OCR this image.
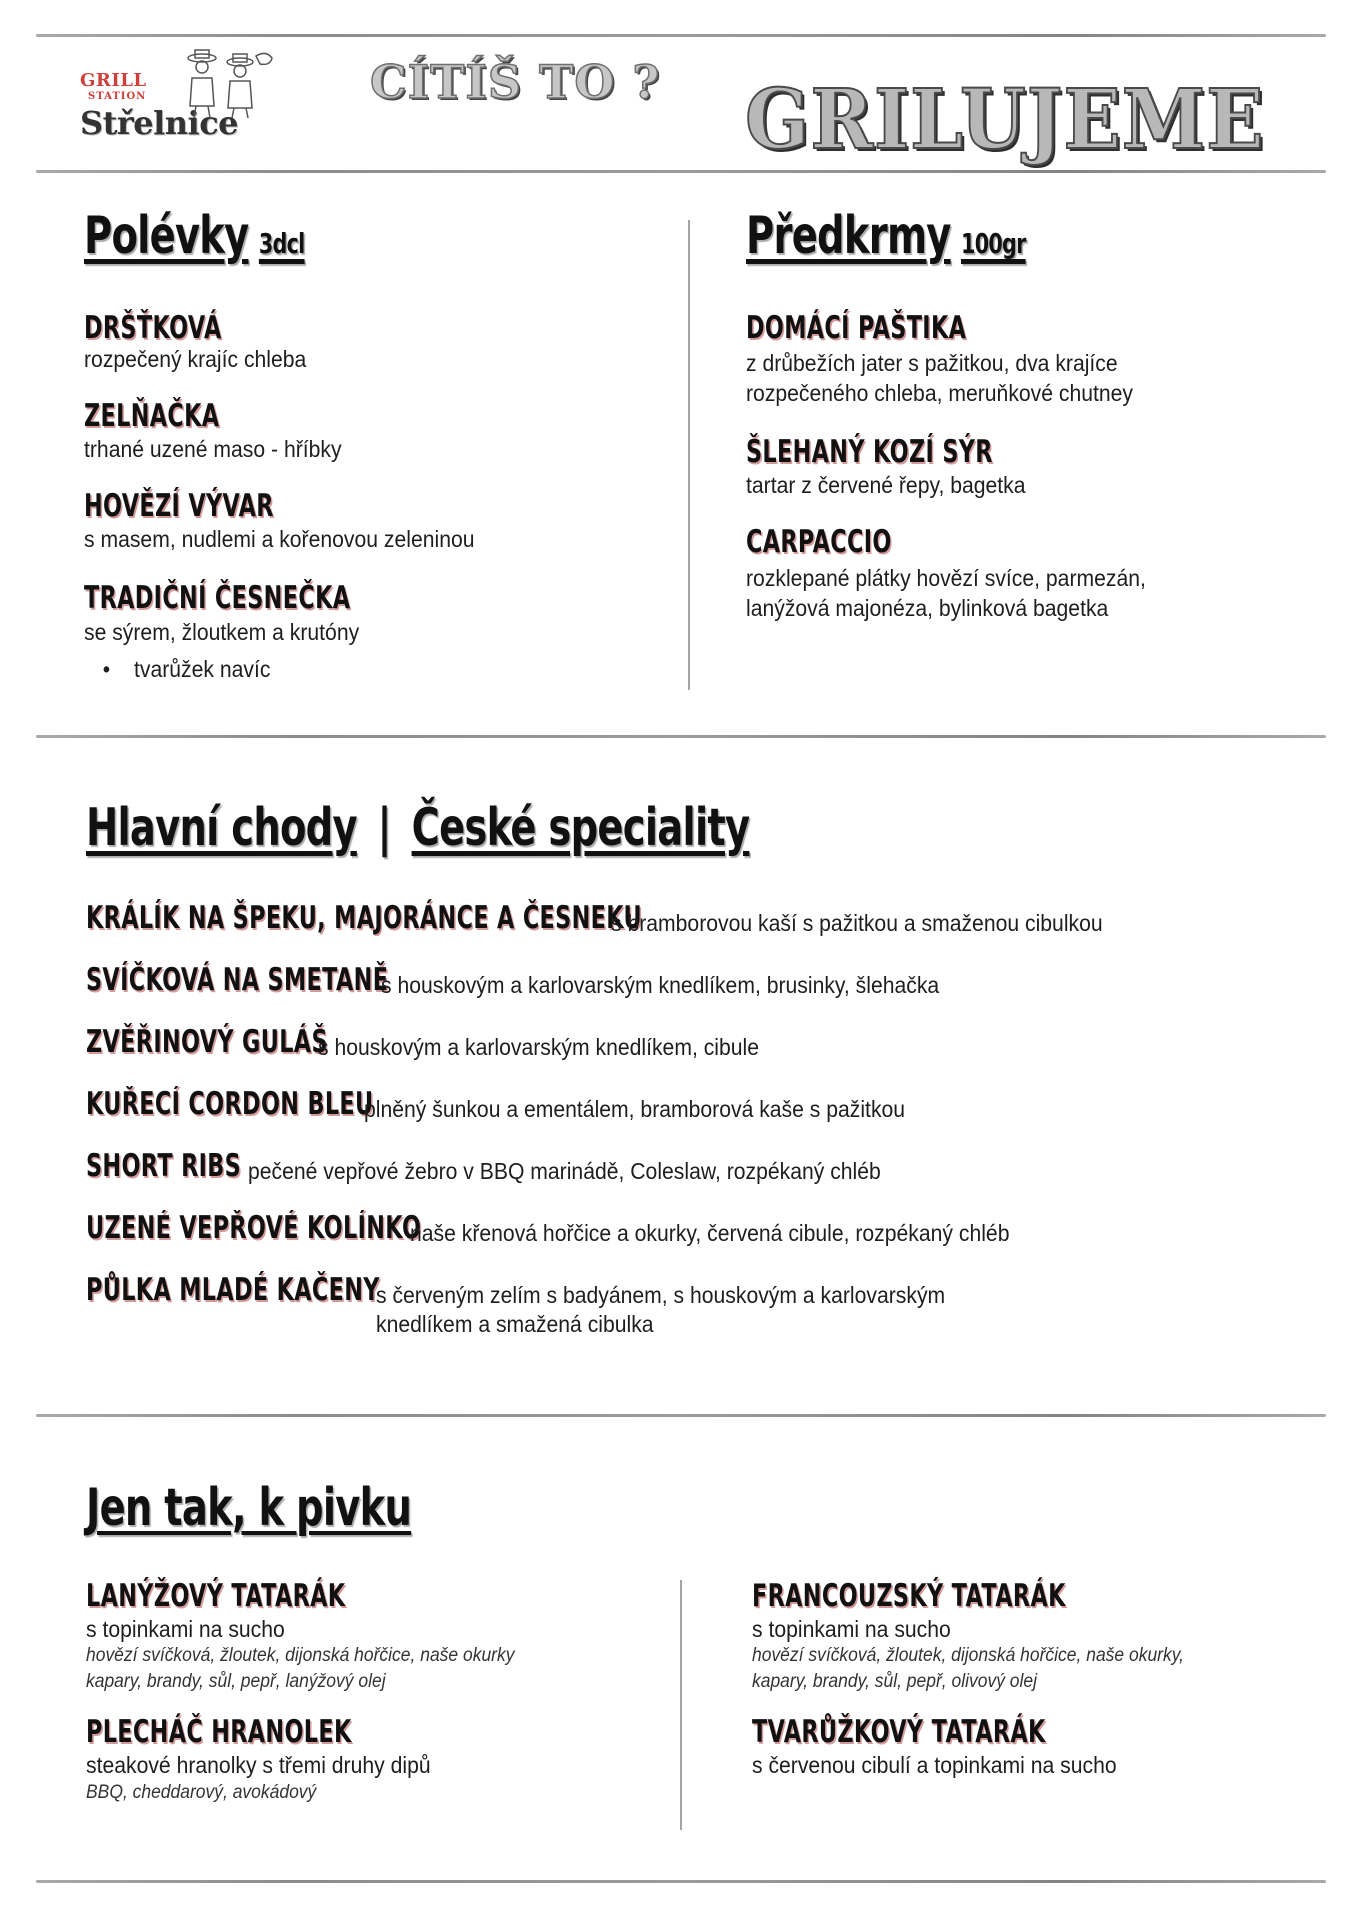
GRILL
STATION
Střelnice
CÍTÍŠ TO ? GRILUJEME
Polévky 3dcl
DRŠŤKOVÁ
rozpečený krajíc chleba
ZELŇAČKA
trhané uzené maso - hříbky
HOVĚZÍ VÝVAR
s masem, nudlemi a kořenovou zeleninou
TRADIČNÍ ČESNEČKA
se sýrem, žloutkem a krutóny
• tvarůžek navíc
Předkrmy 100gr
DOMÁCÍ PAŠTIKA
z drůbežích jater s pažitkou, dva krajíce
rozpečeného chleba, meruňkové chutney
ŠLEHANÝ KOZÍ SÝR
tartar z červené řepy, bagetka
CARPACCIO
rozklepané plátky hovězí svíce, parmezán,
lanýžová majonéza, bylinková bagetka
Hlavní chody | České speciality
KRÁLÍK NA ŠPEKU, MAJORÁNCE A ČESNEKU
s bramborovou kaší s pažitkou a smaženou cibulkou
SVÍČKOVÁ NA SMETANĚ
s houskovým a karlovarským knedlíkem, brusinky, šlehačka
ZVĚŘINOVÝ GULÁŠ
s houskovým a karlovarským knedlíkem, cibule
KUŘECÍ CORDON BLEU
plněný šunkou a ementálem, bramborová kaše s pažitkou
SHORT RIBS pečené vepřové žebro v BBQ marinádě, Coleslaw, rozpékaný chléb
UZENÉ VEPŘOVÉ KOLÍNKO
naše křenová hořčice a okurky, červená cibule, rozpékaný chléb
PŮLKA MLADÉ KAČENY
s červeným zelím s badyánem, s houskovým a karlovarským
knedlíkem a smažená cibulka
Jen tak, k pivku
LANÝŽOVÝ TATARÁK
s topinkami na sucho
hovězí svíčková, žloutek, dijonská hořčice, naše okurky
kapary, brandy, sůl, pepř, lanýžový olej
PLECHÁČ HRANOLEK
steakové hranolky s třemi druhy dipů
BBQ, cheddarový, avokádový
FRANCOUZSKÝ TATARÁK
s topinkami na sucho
hovězí svíčková, žloutek, dijonská hořčice, naše okurky,
kapary, brandy, sůl, pepř, olivový olej
TVARŮŽKOVÝ TATARÁK
s červenou cibulí a topinkami na sucho
